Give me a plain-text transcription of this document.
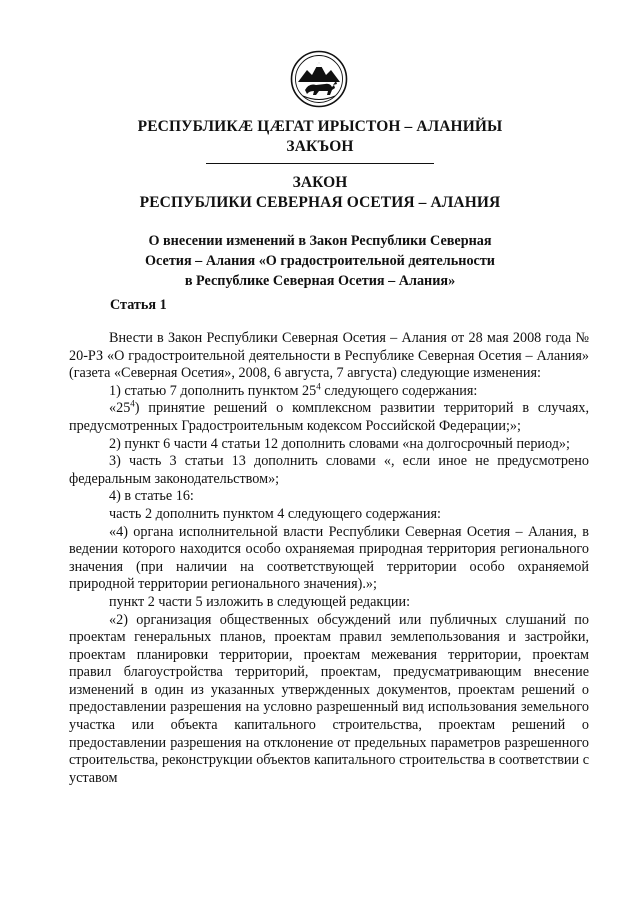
РЕСПУБЛИКӔ ЦӔГАТ ИРЫСТОН – АЛАНИЙЫ
ЗАКЪОН
ЗАКОН
РЕСПУБЛИКИ СЕВЕРНАЯ ОСЕТИЯ – АЛАНИЯ
О внесении изменений в Закон Республики Северная
Осетия – Алания «О градостроительной деятельности
в Республике Северная Осетия – Алания»
Статья 1
Внести в Закон Республики Северная Осетия – Алания от 28 мая 2008 года № 20-РЗ «О градостроительной деятельности в Республике Северная Осетия – Алания» (газета «Северная Осетия», 2008, 6 августа, 7 августа) следующие изменения:
1) статью 7 дополнить пунктом $25^4$ следующего содержания:
«$25^4$) принятие решений о комплексном развитии территорий в случаях, предусмотренных Градостроительным кодексом Российской Федерации;»;
2) пункт 6 части 4 статьи 12 дополнить словами «на долгосрочный период»;
3) часть 3 статьи 13 дополнить словами «, если иное не предусмотрено федеральным законодательством»;
4) в статье 16:
часть 2 дополнить пунктом 4 следующего содержания:
«4) органа исполнительной власти Республики Северная Осетия – Алания, в ведении которого находится особо охраняемая природная территория регионального значения (при наличии на соответствующей территории особо охраняемой природной территории регионального значения).»;
пункт 2 части 5 изложить в следующей редакции:
«2) организация общественных обсуждений или публичных слушаний по проектам генеральных планов, проектам правил землепользования и застройки, проектам планировки территории, проектам межевания территории, проектам правил благоустройства территорий, проектам, предусматривающим внесение изменений в один из указанных утвержденных документов, проектам решений о предоставлении разрешения на условно разрешенный вид использования земельного участка или объекта капитального строительства, проектам решений о предоставлении разрешения на отклонение от предельных параметров разрешенного строительства, реконструкции объектов капитального строительства в соответствии с уставом
